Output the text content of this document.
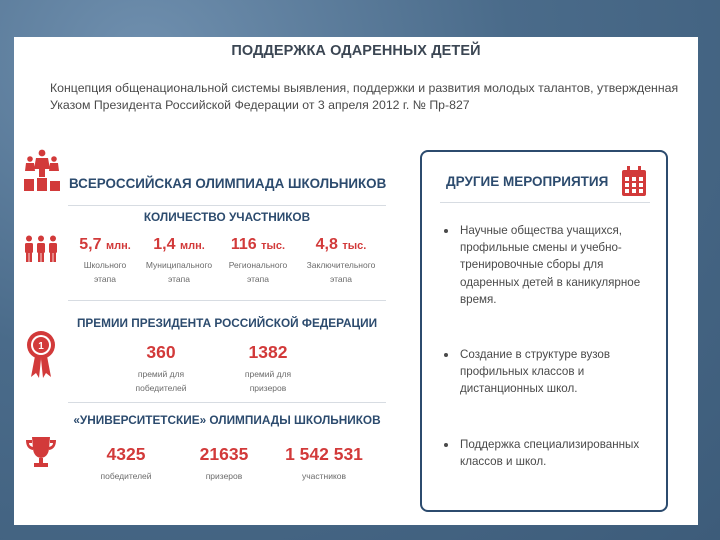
ПОДДЕРЖКА ОДАРЕННЫХ ДЕТЕЙ
Концепция общенациональной системы выявления, поддержки и развития молодых талантов, утвержденная Указом Президента Российской Федерации от 3 апреля 2012 г. № Пр-827
ВСЕРОССИЙСКАЯ ОЛИМПИАДА ШКОЛЬНИКОВ
КОЛИЧЕСТВО УЧАСТНИКОВ
5,7 млн.
Школьного
этапа
1,4 млн.
Муниципального
этапа
116 тыс.
Регионального
этапа
4,8 тыс.
Заключительного
этапа
ПРЕМИИ ПРЕЗИДЕНТА РОССИЙСКОЙ ФЕДЕРАЦИИ
1	360
премий для
победителей
1382
премий для
призеров
«УНИВЕРСИТЕТСКИЕ» ОЛИМПИАДЫ ШКОЛЬНИКОВ
4325
победителей
21635
призеров
1 542 531
участников
ДРУГИЕ МЕРОПРИЯТИЯ
Научные общества учащихся, профильные смены и учебно-тренировочные сборы для одаренных детей в каникулярное время.
Создание в структуре вузов профильных классов и дистанционных школ.
Поддержка специализированных классов и школ.
